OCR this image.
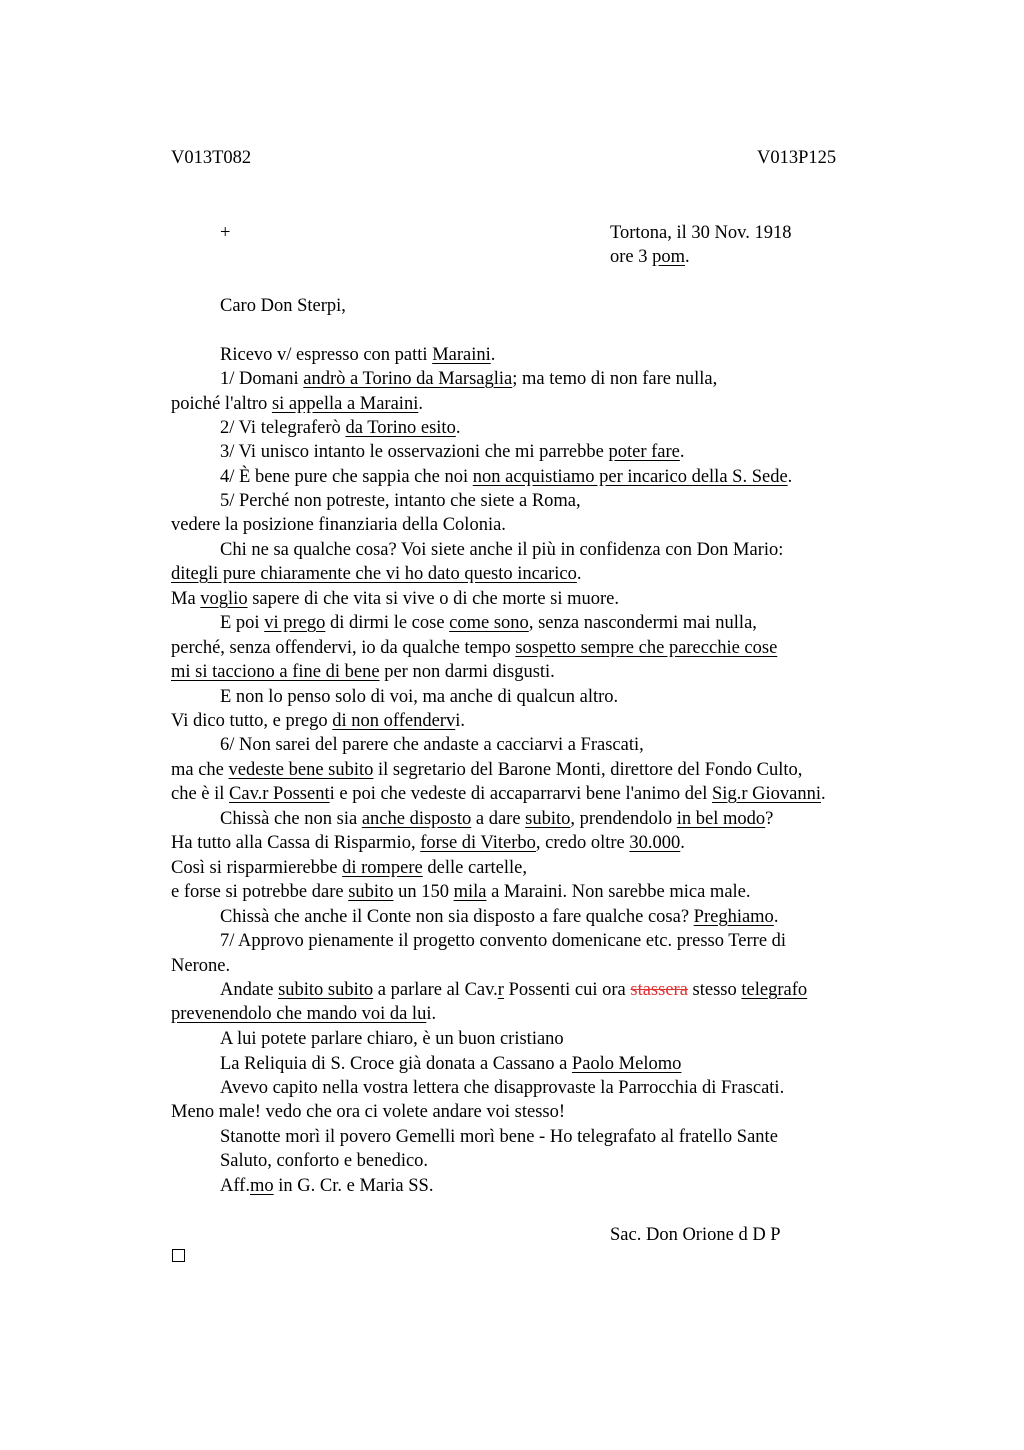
V013T082	V013P125
+	Tortona, il 30 Nov. 1918
ore 3 pom.
Caro Don Sterpi,
Ricevo v/ espresso con patti Maraini.
1/ Domani andrò a Torino da Marsaglia; ma temo di non fare nulla,
poiché l'altro si appella a Maraini.
2/ Vi telegraferò da Torino esito.
3/ Vi unisco intanto le osservazioni che mi parrebbe poter fare.
4/ È bene pure che sappia che noi non acquistiamo per incarico della S. Sede.
5/ Perché non potreste, intanto che siete a Roma,
vedere la posizione finanziaria della Colonia.
Chi ne sa qualche cosa? Voi siete anche il più in confidenza con Don Mario:
ditegli pure chiaramente che vi ho dato questo incarico.
Ma voglio sapere di che vita si vive o di che morte si muore.
E poi vi prego di dirmi le cose come sono, senza nascondermi mai nulla,
perché, senza offendervi, io da qualche tempo sospetto sempre che parecchie cose
mi si tacciono a fine di bene per non darmi disgusti.
E non lo penso solo di voi, ma anche di qualcun altro.
Vi dico tutto, e prego di non offendervi.
6/ Non sarei del parere che andaste a cacciarvi a Frascati,
ma che vedeste bene subito il segretario del Barone Monti, direttore del Fondo Culto,
che è il Cav.r Possenti e poi che vedeste di accaparrarvi bene l'animo del Sig.r Giovanni.
Chissà che non sia anche disposto a dare subito, prendendolo in bel modo?
Ha tutto alla Cassa di Risparmio, forse di Viterbo, credo oltre 30.000.
Così si risparmierebbe di rompere delle cartelle,
e forse si potrebbe dare subito un 150 mila a Maraini. Non sarebbe mica male.
Chissà che anche il Conte non sia disposto a fare qualche cosa? Preghiamo.
7/ Approvo pienamente il progetto convento domenicane etc. presso Terre di
Nerone.
Andate subito subito a parlare al Cav.r Possenti cui ora stassera stesso telegrafo
prevenendolo che mando voi da lui.
A lui potete parlare chiaro, è un buon cristiano
La Reliquia di S. Croce già donata a Cassano a Paolo Melomo
Avevo capito nella vostra lettera che disapprovaste la Parrocchia di Frascati.
Meno male! vedo che ora ci volete andare voi stesso!
Stanotte morì il povero Gemelli morì bene - Ho telegrafato al fratello Sante
Saluto, conforto e benedico.
Aff.mo in G. Cr. e Maria SS.
Sac. Don Orione d D P
